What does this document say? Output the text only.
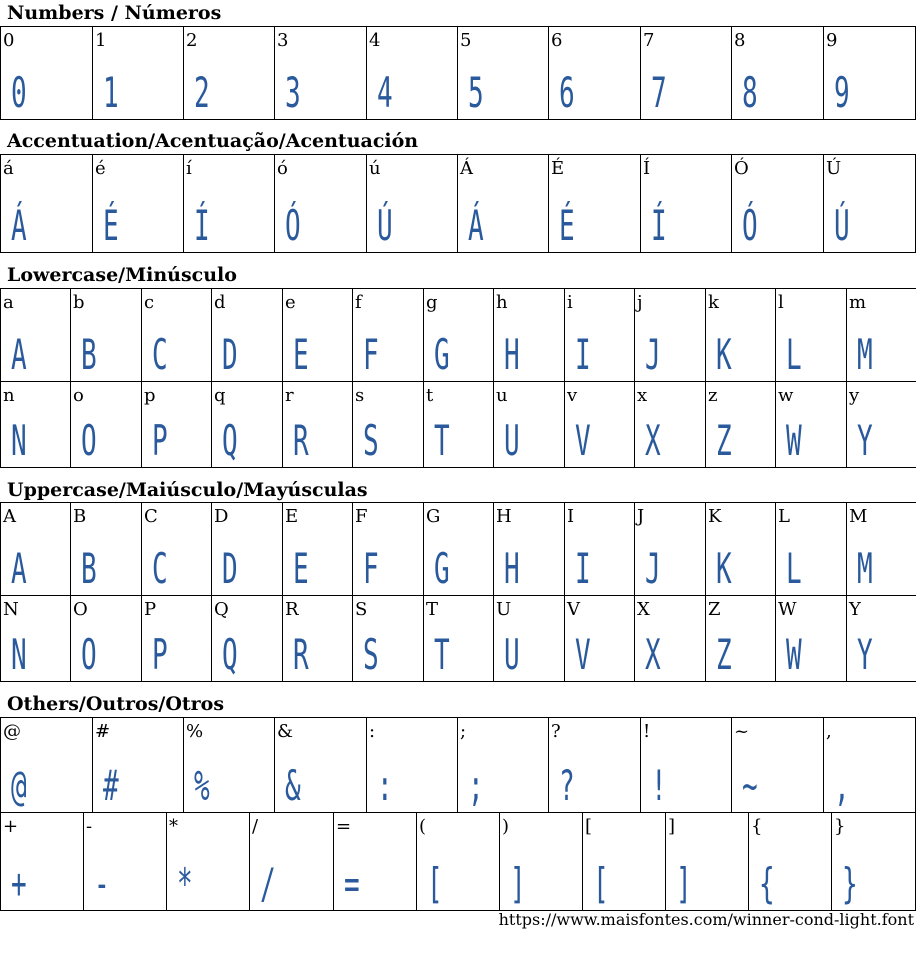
Numbers / Números
0
0
1
1
2
2
3
3
4
4
5
5
6
6
7
7
8
8
9
9
Accentuation/Acentuação/Acentuación
á
Á
é
É
í
Í
ó
Ó
ú
Ú
Á
Á
É
É
Í
Í
Ó
Ó
Ú
Ú
Lowercase/Minúsculo
a
A
b
B
c
C
d
D
e
E
f
F
g
G
h
H
i
I
j
J
k
K
l
L
m
M
n
N
o
O
p
P
q
Q
r
R
s
S
t
T
u
U
v
V
x
X
z
Z
w
W
y
Y
Uppercase/Maiúsculo/Mayúsculas
A
A
B
B
C
C
D
D
E
E
F
F
G
G
H
H
I
I
J
J
K
K
L
L
M
M
N
N
O
O
P
P
Q
Q
R
R
S
S
T
T
U
U
V
V
X
X
Z
Z
W
W
Y
Y
Others/Outros/Otros
@
@
#
#
%
%
&
&
:
:
;
;
?
?
!
!
~
~
,
,
+
+
-
-
*
*
/
/
=
=
(
[
)
]
[
[
]
]
{
{
}
}
https://www.maisfontes.com/winner-cond-light.font
